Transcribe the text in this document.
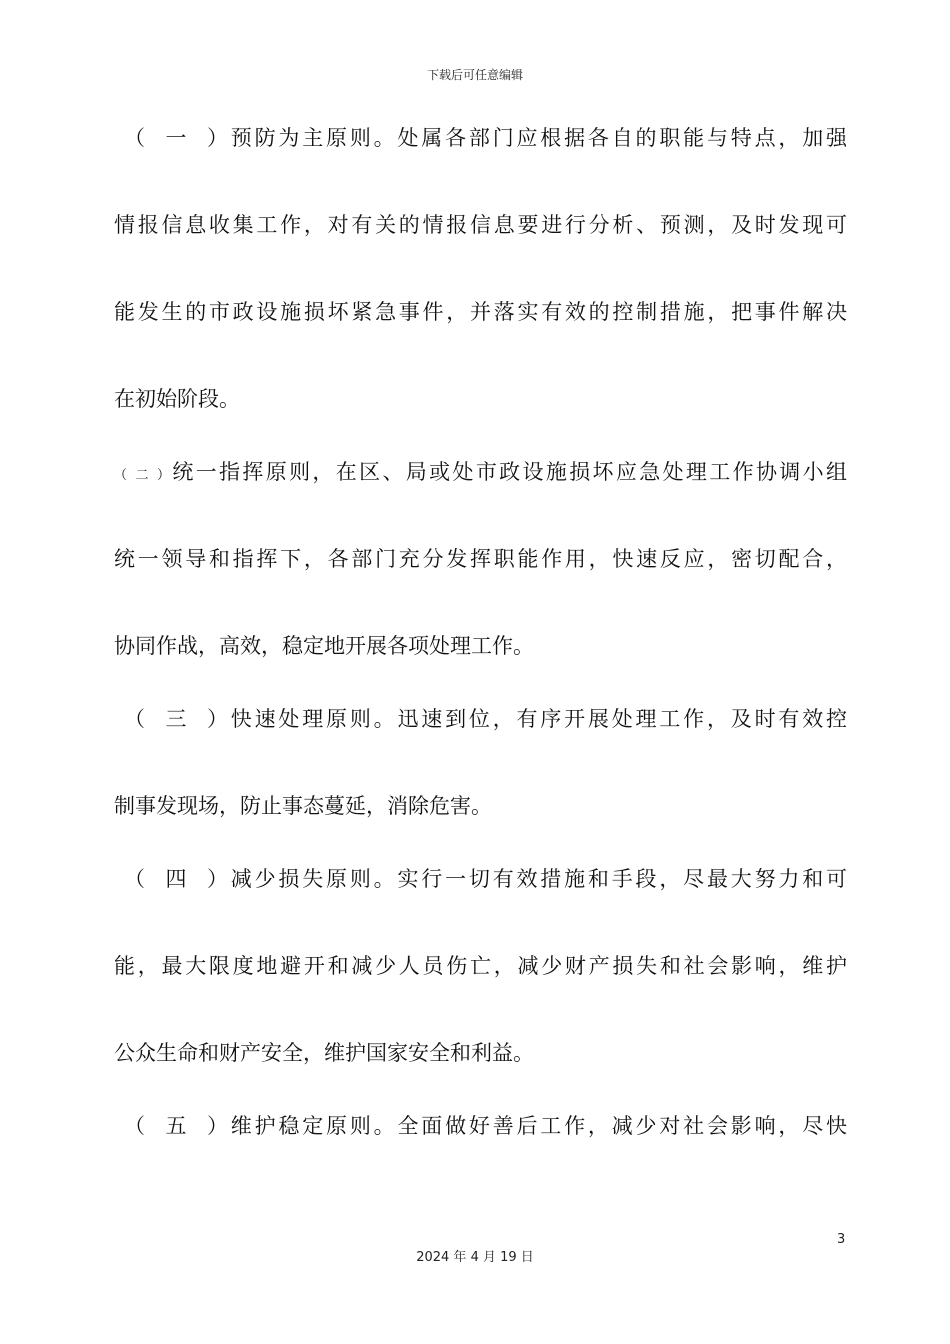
下载后可任意编辑
（一）预防为主原则。处属各部门应根据各自的职能与特点，加强
情报信息收集工作，对有关的情报信息要进行分析、预测，及时发现可
能发生的市政设施损坏紧急事件，并落实有效的控制措施，把事件解决
在初始阶段。
（二）统一指挥原则，在区、局或处市政设施损坏应急处理工作协调小组
统一领导和指挥下，各部门充分发挥职能作用，快速反应，密切配合，
协同作战，高效，稳定地开展各项处理工作。
（三）快速处理原则。迅速到位，有序开展处理工作，及时有效控
制事发现场，防止事态蔓延，消除危害。
（四）减少损失原则。实行一切有效措施和手段，尽最大努力和可
能，最大限度地避开和减少人员伤亡，减少财产损失和社会影响，维护
公众生命和财产安全，维护国家安全和利益。
（五）维护稳定原则。全面做好善后工作，减少对社会影响，尽快
3
2024 年 4 月 19 日
